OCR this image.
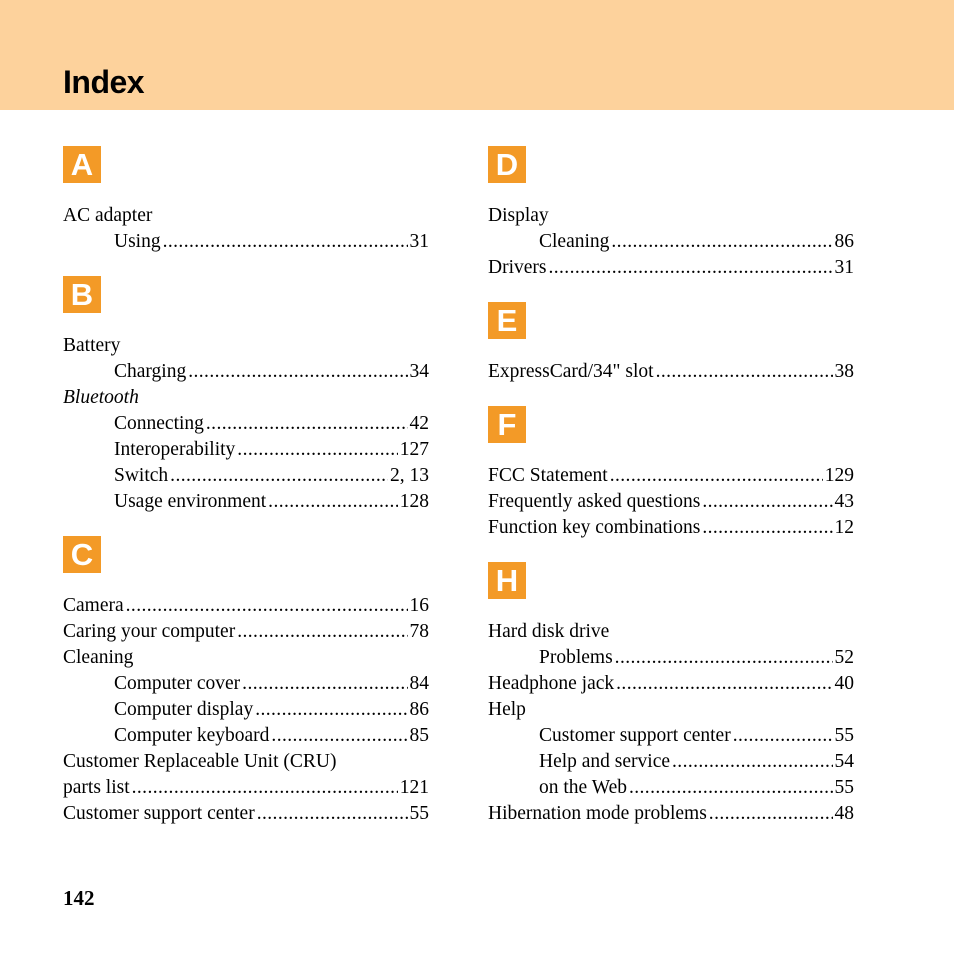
Index
A
AC adapter
Using .....	31
B
Battery
Charging .....	34
Bluetooth
Connecting .....	42
Interoperability .....	127
Switch .....	2, 13
Usage environment .....	128
C
Camera .....	16
Caring your computer .....	78
Cleaning
Computer cover .....	84
Computer display .....	86
Computer keyboard .....	85
Customer Replaceable Unit (CRU)
parts list .....	121
Customer support center .....	55
D
Display
Cleaning .....	86
Drivers .....	31
E
ExpressCard/34" slot .....	38
F
FCC Statement .....	129
Frequently asked questions .....	43
Function key combinations .....	12
H
Hard disk drive
Problems .....	52
Headphone jack .....	40
Help
Customer support center .....	55
Help and service .....	54
on the Web .....	55
Hibernation mode problems .....	48
142
